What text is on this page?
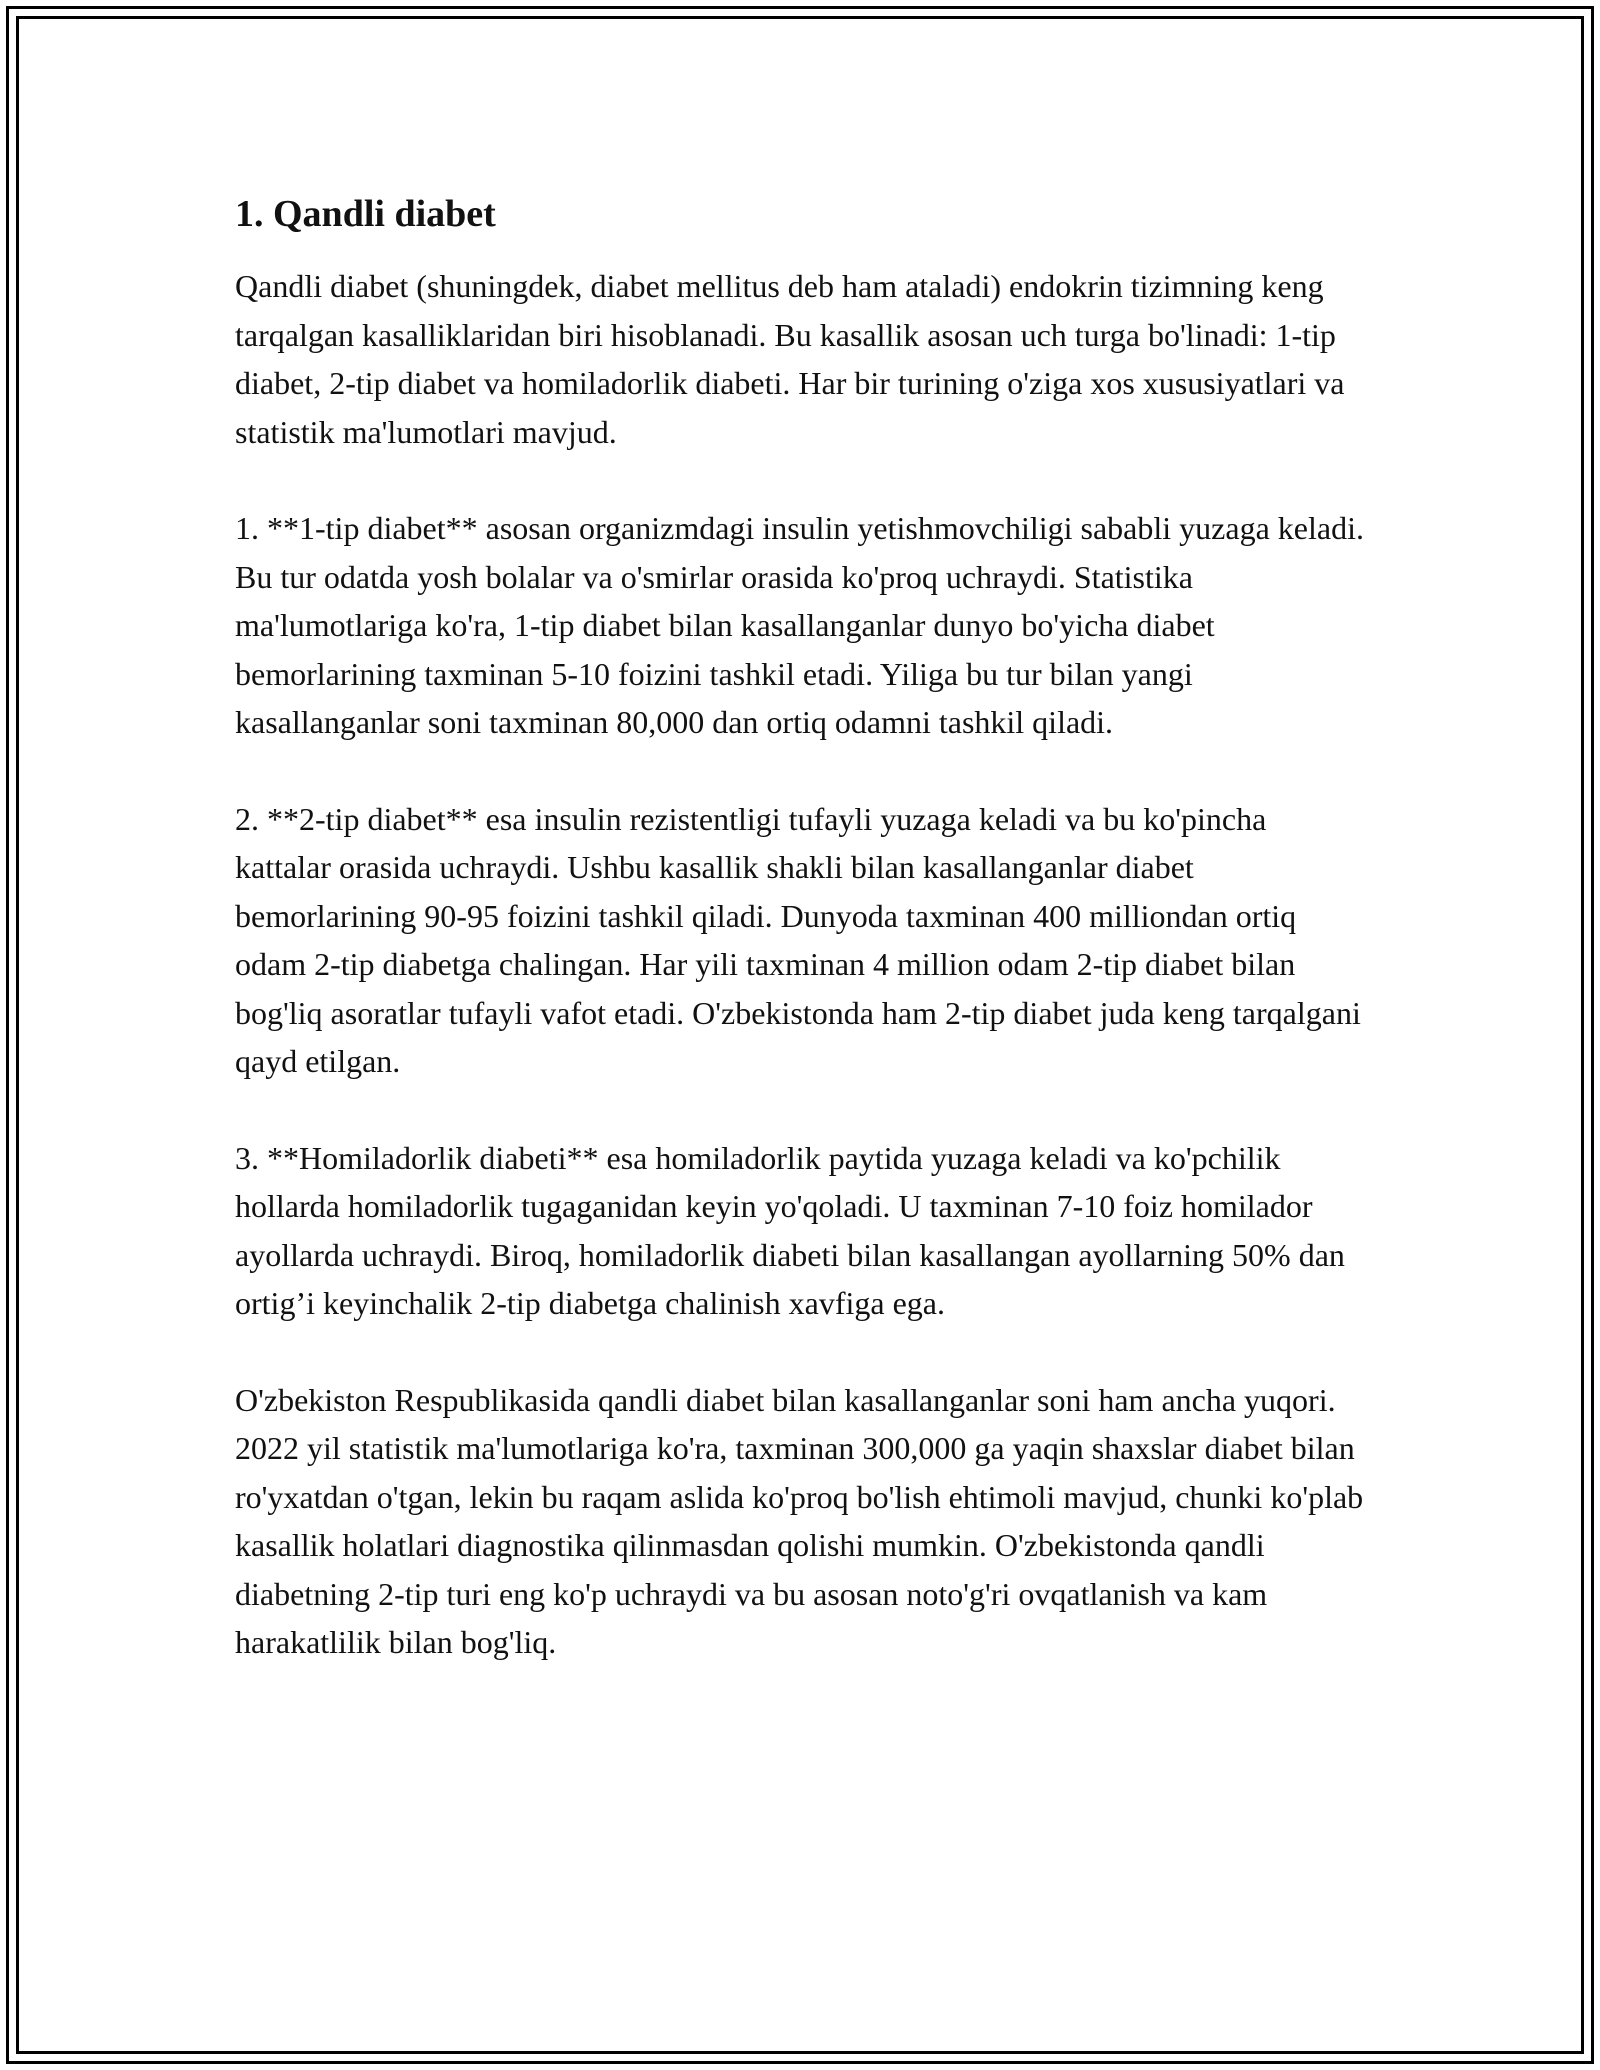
1. Qandli diabet

Qandli diabet (shuningdek, diabet mellitus deb ham ataladi) endokrin tizimning keng tarqalgan kasalliklaridan biri hisoblanadi. Bu kasallik asosan uch turga bo'linadi: 1-tip diabet, 2-tip diabet va homiladorlik diabeti. Har bir turining o'ziga xos xususiyatlari va statistik ma'lumotlari mavjud.

1. **1-tip diabet** asosan organizmdagi insulin yetishmovchiligi sababli yuzaga keladi. Bu tur odatda yosh bolalar va o'smirlar orasida ko'proq uchraydi. Statistika ma'lumotlariga ko'ra, 1-tip diabet bilan kasallanganlar dunyo bo'yicha diabet bemorlarining taxminan 5-10 foizini tashkil etadi. Yiliga bu tur bilan yangi kasallanganlar soni taxminan 80,000 dan ortiq odamni tashkil qiladi.

2. **2-tip diabet** esa insulin rezistentligi tufayli yuzaga keladi va bu ko'pincha kattalar orasida uchraydi. Ushbu kasallik shakli bilan kasallanganlar diabet bemorlarining 90-95 foizini tashkil qiladi. Dunyoda taxminan 400 milliondan ortiq odam 2-tip diabetga chalingan. Har yili taxminan 4 million odam 2-tip diabet bilan bog'liq asoratlar tufayli vafot etadi. O'zbekistonda ham 2-tip diabet juda keng tarqalgani qayd etilgan.

3. **Homiladorlik diabeti** esa homiladorlik paytida yuzaga keladi va ko'pchilik hollarda homiladorlik tugaganidan keyin yo'qoladi. U taxminan 7-10 foiz homilador ayollarda uchraydi. Biroq, homiladorlik diabeti bilan kasallangan ayollarning 50% dan ortig’i keyinchalik 2-tip diabetga chalinish xavfiga ega.

O'zbekiston Respublikasida qandli diabet bilan kasallanganlar soni ham ancha yuqori. 2022 yil statistik ma'lumotlariga ko'ra, taxminan 300,000 ga yaqin shaxslar diabet bilan ro'yxatdan o'tgan, lekin bu raqam aslida ko'proq bo'lish ehtimoli mavjud, chunki ko'plab kasallik holatlari diagnostika qilinmasdan qolishi mumkin. O'zbekistonda qandli diabetning 2-tip turi eng ko'p uchraydi va bu asosan noto'g'ri ovqatlanish va kam harakatlilik bilan bog'liq.
